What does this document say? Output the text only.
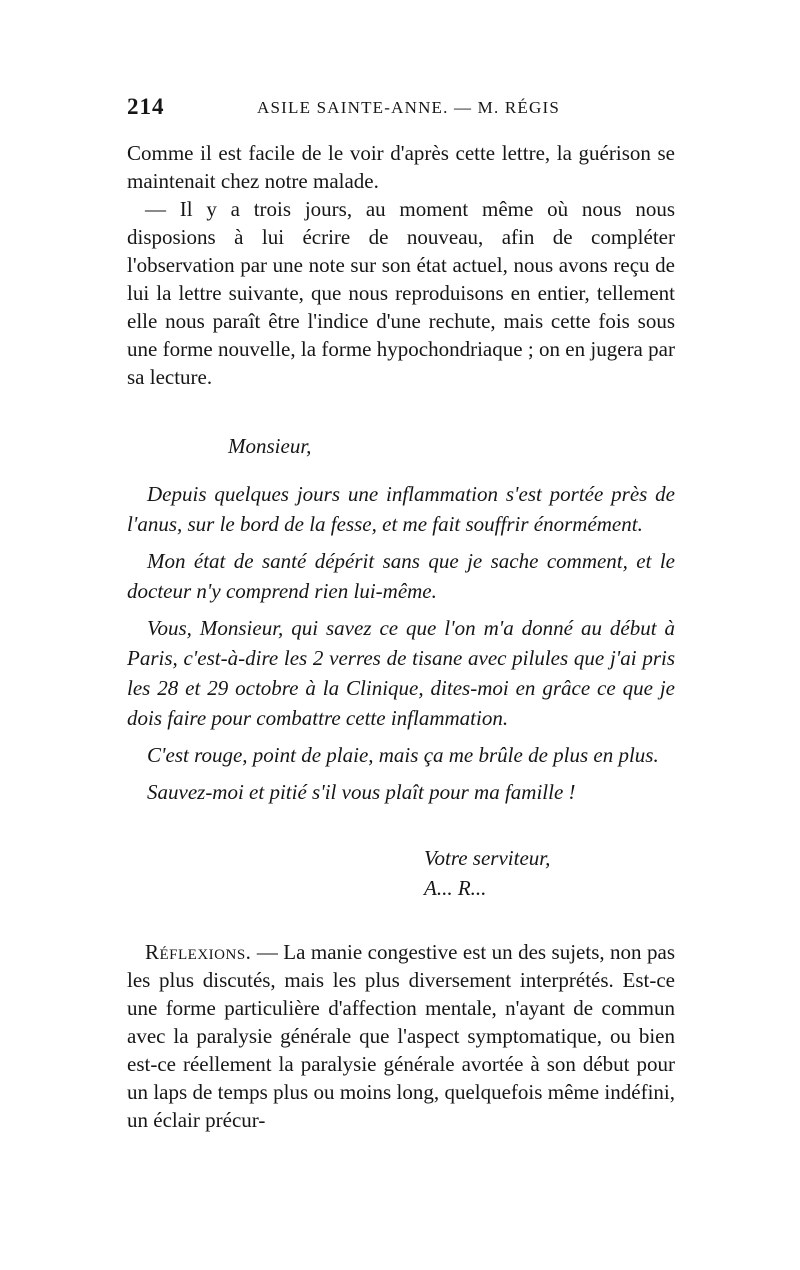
214	ASILE SAINTE-ANNE. — M. RÉGIS

Comme il est facile de le voir d'après cette lettre, la guérison se maintenait chez notre malade.

— Il y a trois jours, au moment même où nous nous disposions à lui écrire de nouveau, afin de compléter l'observation par une note sur son état actuel, nous avons reçu de lui la lettre suivante, que nous reproduisons en entier, tellement elle nous paraît être l'indice d'une rechute, mais cette fois sous une forme nouvelle, la forme hypochondriaque ; on en jugera par sa lecture.

Monsieur,

Depuis quelques jours une inflammation s'est portée près de l'anus, sur le bord de la fesse, et me fait souffrir énormément.

Mon état de santé dépérit sans que je sache comment, et le docteur n'y comprend rien lui-même.

Vous, Monsieur, qui savez ce que l'on m'a donné au début à Paris, c'est-à-dire les 2 verres de tisane avec pilules que j'ai pris les 28 et 29 octobre à la Clinique, dites-moi en grâce ce que je dois faire pour combattre cette inflammation.

C'est rouge, point de plaie, mais ça me brûle de plus en plus.

Sauvez-moi et pitié s'il vous plaît pour ma famille !

Votre serviteur,
A... R...

Réflexions. — La manie congestive est un des sujets, non pas les plus discutés, mais les plus diversement interprétés. Est-ce une forme particulière d'affection mentale, n'ayant de commun avec la paralysie générale que l'aspect symptomatique, ou bien est-ce réellement la paralysie générale avortée à son début pour un laps de temps plus ou moins long, quelquefois même indéfini, un éclair précur-
